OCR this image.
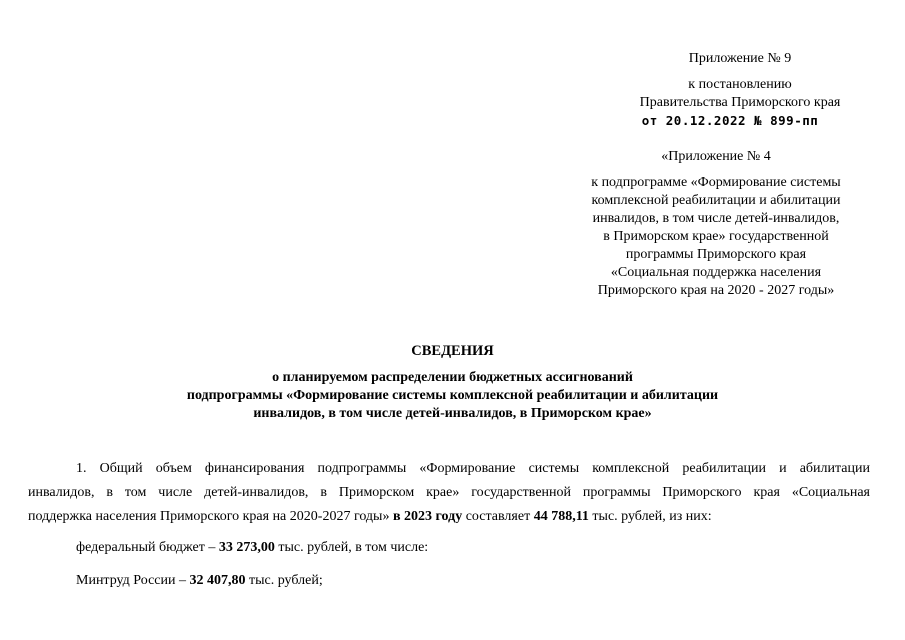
Приложение № 9
к постановлению
Правительства Приморского края
от 20.12.2022 № 899-пп
«Приложение № 4
к подпрограмме «Формирование системы
комплексной реабилитации и абилитации
инвалидов, в том числе детей-инвалидов,
в Приморском крае» государственной
программы Приморского края
«Социальная поддержка населения
Приморского края на 2020 - 2027 годы»
СВЕДЕНИЯ
о планируемом распределении бюджетных ассигнований
подпрограммы «Формирование системы комплексной реабилитации и абилитации
инвалидов, в том числе детей-инвалидов, в Приморском крае»
1. Общий объем финансирования подпрограммы «Формирование системы комплексной реабилитации и абилитации
инвалидов, в том числе детей-инвалидов, в Приморском крае» государственной программы Приморского края «Социальная
поддержка населения Приморского края на 2020-2027 годы» в 2023 году составляет 44 788,11 тыс. рублей, из них:
федеральный бюджет – 33 273,00 тыс. рублей, в том числе:
Минтруд России – 32 407,80 тыс. рублей;
